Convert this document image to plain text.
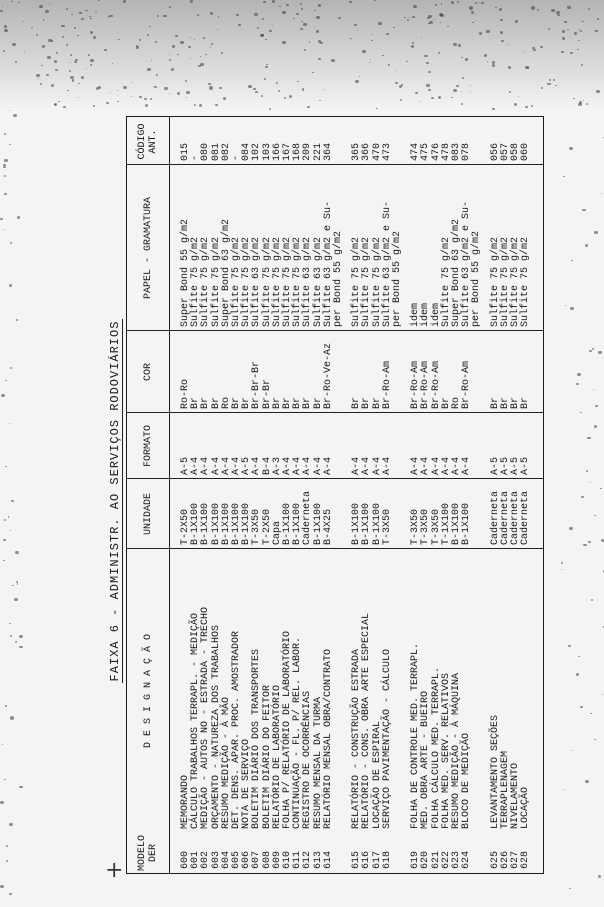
FAIXA 6 - ADMINISTR. AO SERVIÇOS RODOVIÁRIOS
MODELO DER
D E S I G N A Ç Ã O
UNIDADE
FORMATO
COR
PAPEL - GRAMATURA
CÓDIGO ANT.
600
MEMORANDO
T-2X50
A-5
Ro-Ro
Super Bond 55 g/m2
015
601
CÁLCULO TRABALHOS TERRAPL. - MEDIÇÃO
B-1X100
A-4
Br
Sulfite 75 g/m2
-
602
MEDIÇÃO - AUTOS NO - ESTRADA - TRECHO
B-1X100
A-4
Br
Sulfite 75 g/m2
080
603
ORÇAMENTO - NATUREZA DOS TRABALHOS
B-1X100
A-4
Br
Sulfite 75 g/m2
081
604
RESUMO MEDIÇÃO - À MÃO
B-1X100
A-4
Ro
Super Bond 63 g/m2
082
605
DET. DENS. APAR. PROC. AMOSTRADOR
B-1X100
A-4
Br
Sulfite 75 g/m2
-
606
NOTA DE SERVIÇO
B-1X100
A-5
Br
Sulfite 75 g/m2
084
607
BOLETIM DIÁRIO DOS TRANSPORTES
T-3X50
A-4
Br-Br-Br
Sulfite 63 g/m2
102
608
BOLETIM DIÁRIO DO FEITOR
T-2X50
B-4
Br-Br
Sulfite 75 g/m2
103
609
RELATÓRIO DE LABORATÓRIO
Capa
A-3
Br
Sulfite 75 g/m2
166
610
FOLHA P/ RELATÓRIO DE LABORATÓRIO
B-1X100
A-4
Br
Sulfite 75 g/m2
167
611
CONTINUAÇÃO - FL. P/ REL. LABOR.
B-1X100
A-4
Br
Sulfite 75 g/m2
168
612
REGISTRO DE OCORRÊNCIAS
Caderneta
A-4
Br
Sulfite 63 g/m2
209
613
RESUMO MENSAL DA TURMA
B-1X100
A-4
Br
Sulfite 63 g/m2
221
614
RELATÓRIO MENSAL OBRA/CONTRATO
B-4X25
A-4
Br-Ro-Ve-Az
Sulfite 63 g/m2 e Su-
364
per Bond 55 g/m2
615
RELATÓRIO - CONSTRUÇÃO ESTRADA
B-1X100
A-4
Br
Sulfite 75 g/m2
365
616
RELATÓRIO - CONS. OBRA ARTE ESPECIAL
B-1X100
A-4
Br
Sulfite 75 g/m2
366
617
LOCAÇÃO DE ESPIRAL
B-1X100
A-4
Br
Sulfite 75 g/m2
470
618
SERVIÇO PAVIMENTAÇÃO - CÁLCULO
T-3X50
A-4
Br-Ro-Am
Sulfite 63 g/m2 e Su-
473
per Bond 55 g/m2
619
FOLHA DE CONTROLE MED. TERRAPL.
T-3X50
A-4
Br-Ro-Am
idem
474
620
MED. OBRA ARTE - BUEIRO
T-3X50
A-4
Br-Ro-Am
idem
475
621
FOLHA CÁLCULO MED. TERRAPL.
T-3X50
A-4
Br-Ro-Am
idem
476
622
FOLHA MED. SERV. RELATIVOS
T-1X100
A-4
Br
Sulfite 75 g/m2
478
623
RESUMO MEDIÇÃO - À MÁQUINA
B-1X100
A-4
Ro
Super Bond 63 g/m2
083
624
BLOCO DE MEDIÇÃO
B-1X100
A-4
Br-Ro-Am
Sulfite 63 g/m2 e Su-
078
per Bond 55 g/m2
625
LEVANTAMENTO SEÇÕES
Caderneta
A-5
Br
Sulfite 75 g/m2
056
626
TERRAPLENAGEM
Caderneta
A-5
Br
Sulfite 75 g/m2
057
627
NIVELAMENTO
Caderneta
A-5
Br
Sulfite 75 g/m2
058
628
LOCAÇÃO
Caderneta
A-5
Br
Sulfite 75 g/m2
060
+
